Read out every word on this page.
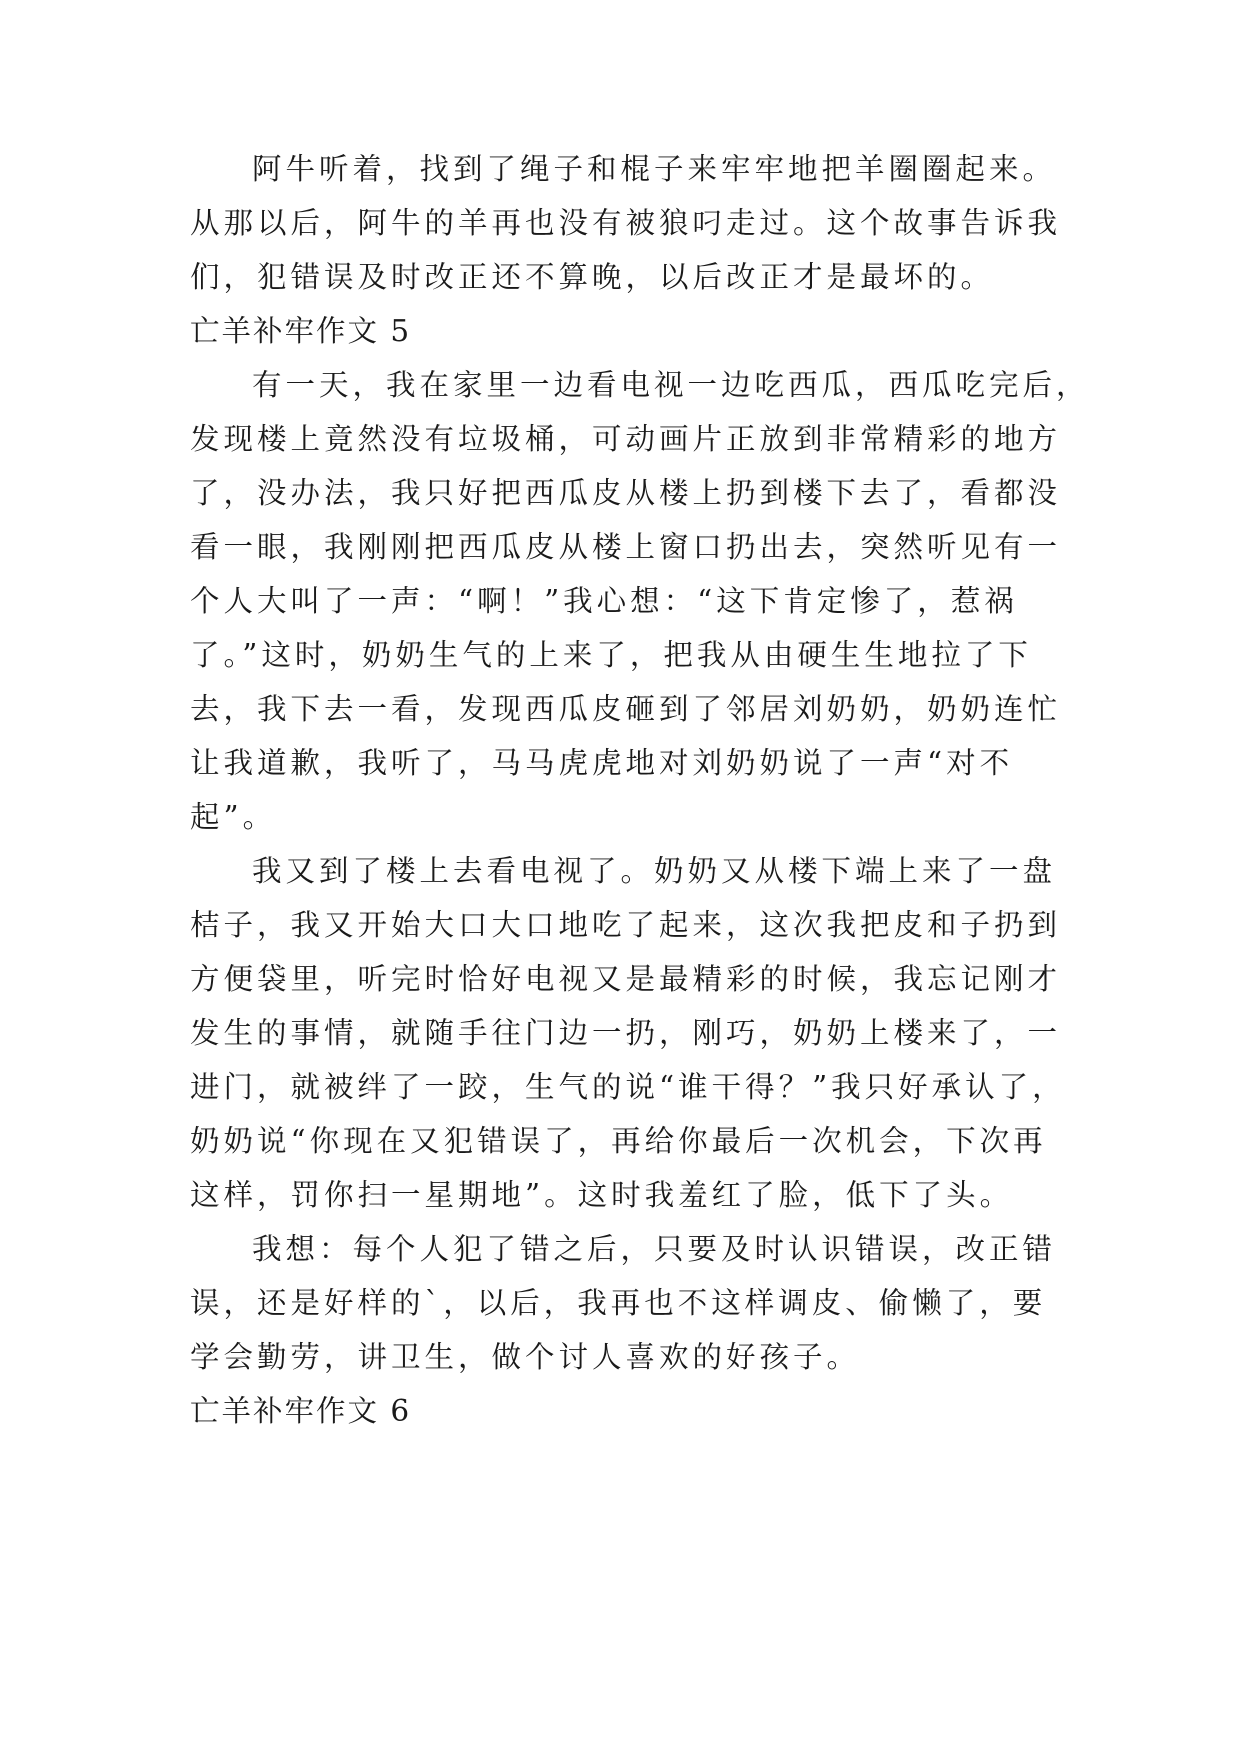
阿牛听着，找到了绳子和棍子来牢牢地把羊圈圈起来。
从那以后，阿牛的羊再也没有被狼叼走过。这个故事告诉我
们，犯错误及时改正还不算晚，以后改正才是最坏的。
亡羊补牢作文 5
有一天，我在家里一边看电视一边吃西瓜，西瓜吃完后，
发现楼上竟然没有垃圾桶，可动画片正放到非常精彩的地方
了，没办法，我只好把西瓜皮从楼上扔到楼下去了，看都没
看一眼，我刚刚把西瓜皮从楼上窗口扔出去，突然听见有一
个人大叫了一声：“啊！”我心想：“这下肯定惨了，惹祸
了。”这时，奶奶生气的上来了，把我从由硬生生地拉了下
去，我下去一看，发现西瓜皮砸到了邻居刘奶奶，奶奶连忙
让我道歉，我听了，马马虎虎地对刘奶奶说了一声“对不
起”。
我又到了楼上去看电视了。奶奶又从楼下端上来了一盘
桔子，我又开始大口大口地吃了起来，这次我把皮和子扔到
方便袋里，听完时恰好电视又是最精彩的时候，我忘记刚才
发生的事情，就随手往门边一扔，刚巧，奶奶上楼来了，一
进门，就被绊了一跤，生气的说“谁干得？”我只好承认了，
奶奶说“你现在又犯错误了，再给你最后一次机会，下次再
这样，罚你扫一星期地”。这时我羞红了脸，低下了头。
我想：每个人犯了错之后，只要及时认识错误，改正错
误，还是好样的`，以后，我再也不这样调皮、偷懒了，要
学会勤劳，讲卫生，做个讨人喜欢的好孩子。
亡羊补牢作文 6
